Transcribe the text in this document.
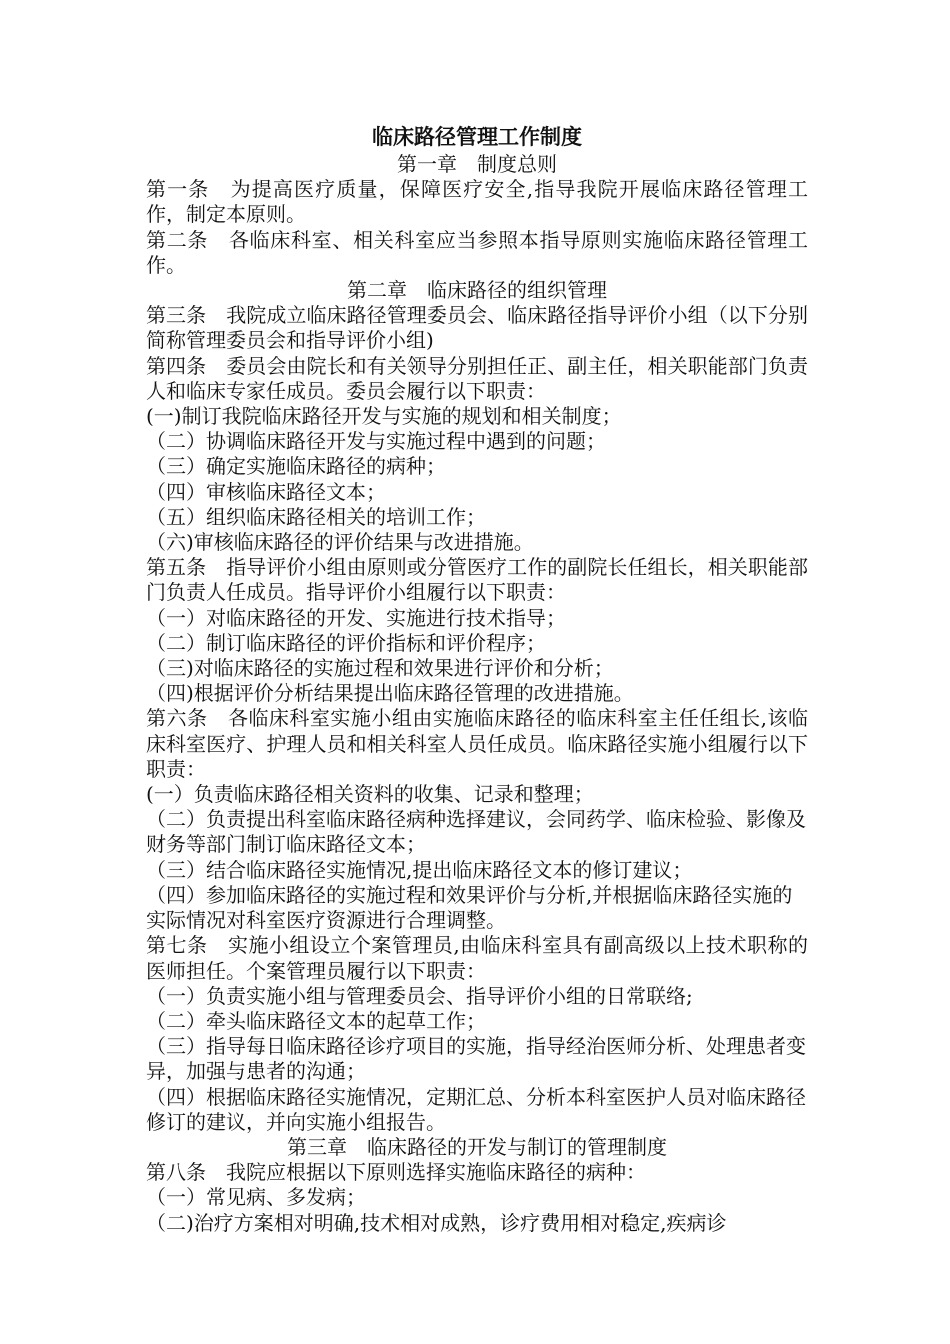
临床路径管理工作制度

第一章　制度总则

第一条　为提高医疗质量，保障医疗安全,指导我院开展临床路径管理工作，制定本原则。

第二条　各临床科室、相关科室应当参照本指导原则实施临床路径管理工作。

第二章　临床路径的组织管理

第三条　我院成立临床路径管理委员会、临床路径指导评价小组（以下分别简称管理委员会和指导评价小组)

第四条　委员会由院长和有关领导分别担任正、副主任，相关职能部门负责人和临床专家任成员。委员会履行以下职责：

(一)制订我院临床路径开发与实施的规划和相关制度；

（二）协调临床路径开发与实施过程中遇到的问题；

（三）确定实施临床路径的病种；

（四）审核临床路径文本；

（五）组织临床路径相关的培训工作；

（六)审核临床路径的评价结果与改进措施。

第五条　指导评价小组由原则或分管医疗工作的副院长任组长，相关职能部门负责人任成员。指导评价小组履行以下职责：

（一）对临床路径的开发、实施进行技术指导；

（二）制订临床路径的评价指标和评价程序；

（三)对临床路径的实施过程和效果进行评价和分析；

（四)根据评价分析结果提出临床路径管理的改进措施。

第六条　各临床科室实施小组由实施临床路径的临床科室主任任组长,该临床科室医疗、护理人员和相关科室人员任成员。临床路径实施小组履行以下职责：

(一）负责临床路径相关资料的收集、记录和整理；

（二）负责提出科室临床路径病种选择建议，会同药学、临床检验、影像及财务等部门制订临床路径文本；

（三）结合临床路径实施情况,提出临床路径文本的修订建议；

（四）参加临床路径的实施过程和效果评价与分析,并根据临床路径实施的实际情况对科室医疗资源进行合理调整。

第七条　实施小组设立个案管理员,由临床科室具有副高级以上技术职称的医师担任。个案管理员履行以下职责：

（一）负责实施小组与管理委员会、指导评价小组的日常联络;

（二）牵头临床路径文本的起草工作；

（三）指导每日临床路径诊疗项目的实施，指导经治医师分析、处理患者变异，加强与患者的沟通；

（四）根据临床路径实施情况，定期汇总、分析本科室医护人员对临床路径修订的建议，并向实施小组报告。

第三章　临床路径的开发与制订的管理制度

第八条　我院应根据以下原则选择实施临床路径的病种：

（一）常见病、多发病；

（二)治疗方案相对明确,技术相对成熟，诊疗费用相对稳定,疾病诊
